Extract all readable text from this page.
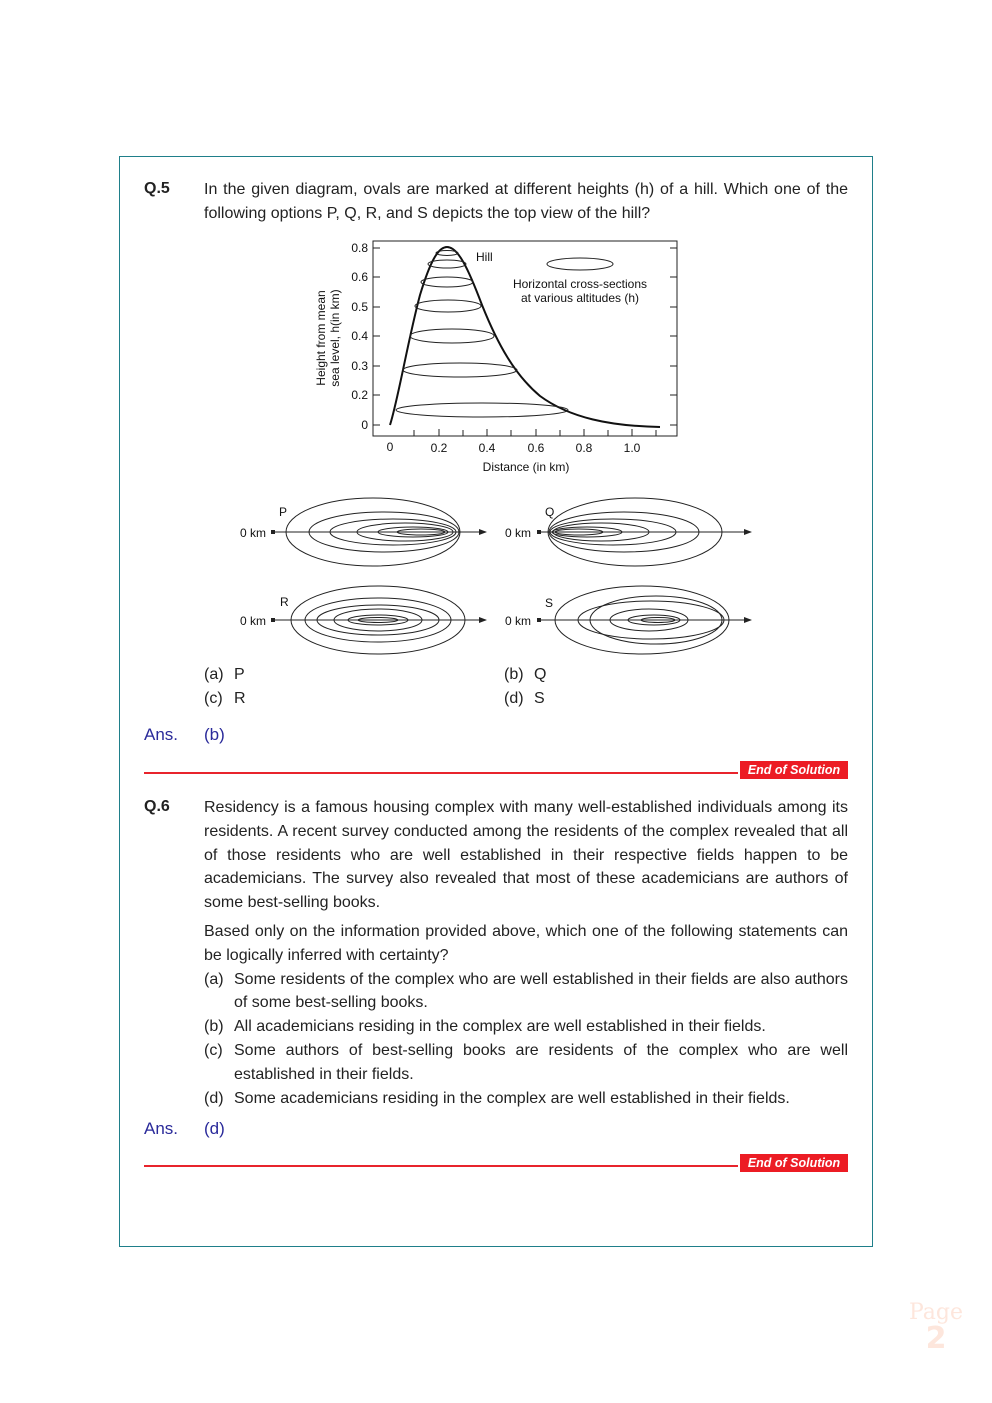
Q.5 In the given diagram, ovals are marked at different heights (h) of a hill. Which one of the following options P, Q, R, and S depicts the top view of the hill?
0.8
0.6
0.5
0.4
0.3
0.2
0
0	0.2	0.4	0.6	0.8	1.0
Distance (in km)
Height from mean sea level, h(in km)
Hill
Horizontal cross-sections
at various altitudes (h)
P
0 km
Q
0 km
R
0 km
S
0 km
(a) P	(b) Q
(c) R	(d) S
Ans. (b)
End of Solution
Q.6 Residency is a famous housing complex with many well-established individuals among its residents. A recent survey conducted among the residents of the complex revealed that all of those residents who are well established in their respective fields happen to be academicians. The survey also revealed that most of these academicians are authors of some best-selling books.

Based only on the information provided above, which one of the following statements can be logically inferred with certainty?

(a) Some residents of the complex who are well established in their fields are also authors of some best-selling books.
(b) All academicians residing in the complex are well established in their fields.
(c) Some authors of best-selling books are residents of the complex who are well established in their fields.
(d) Some academicians residing in the complex are well established in their fields.
Ans. (d)
End of Solution
Page
2
